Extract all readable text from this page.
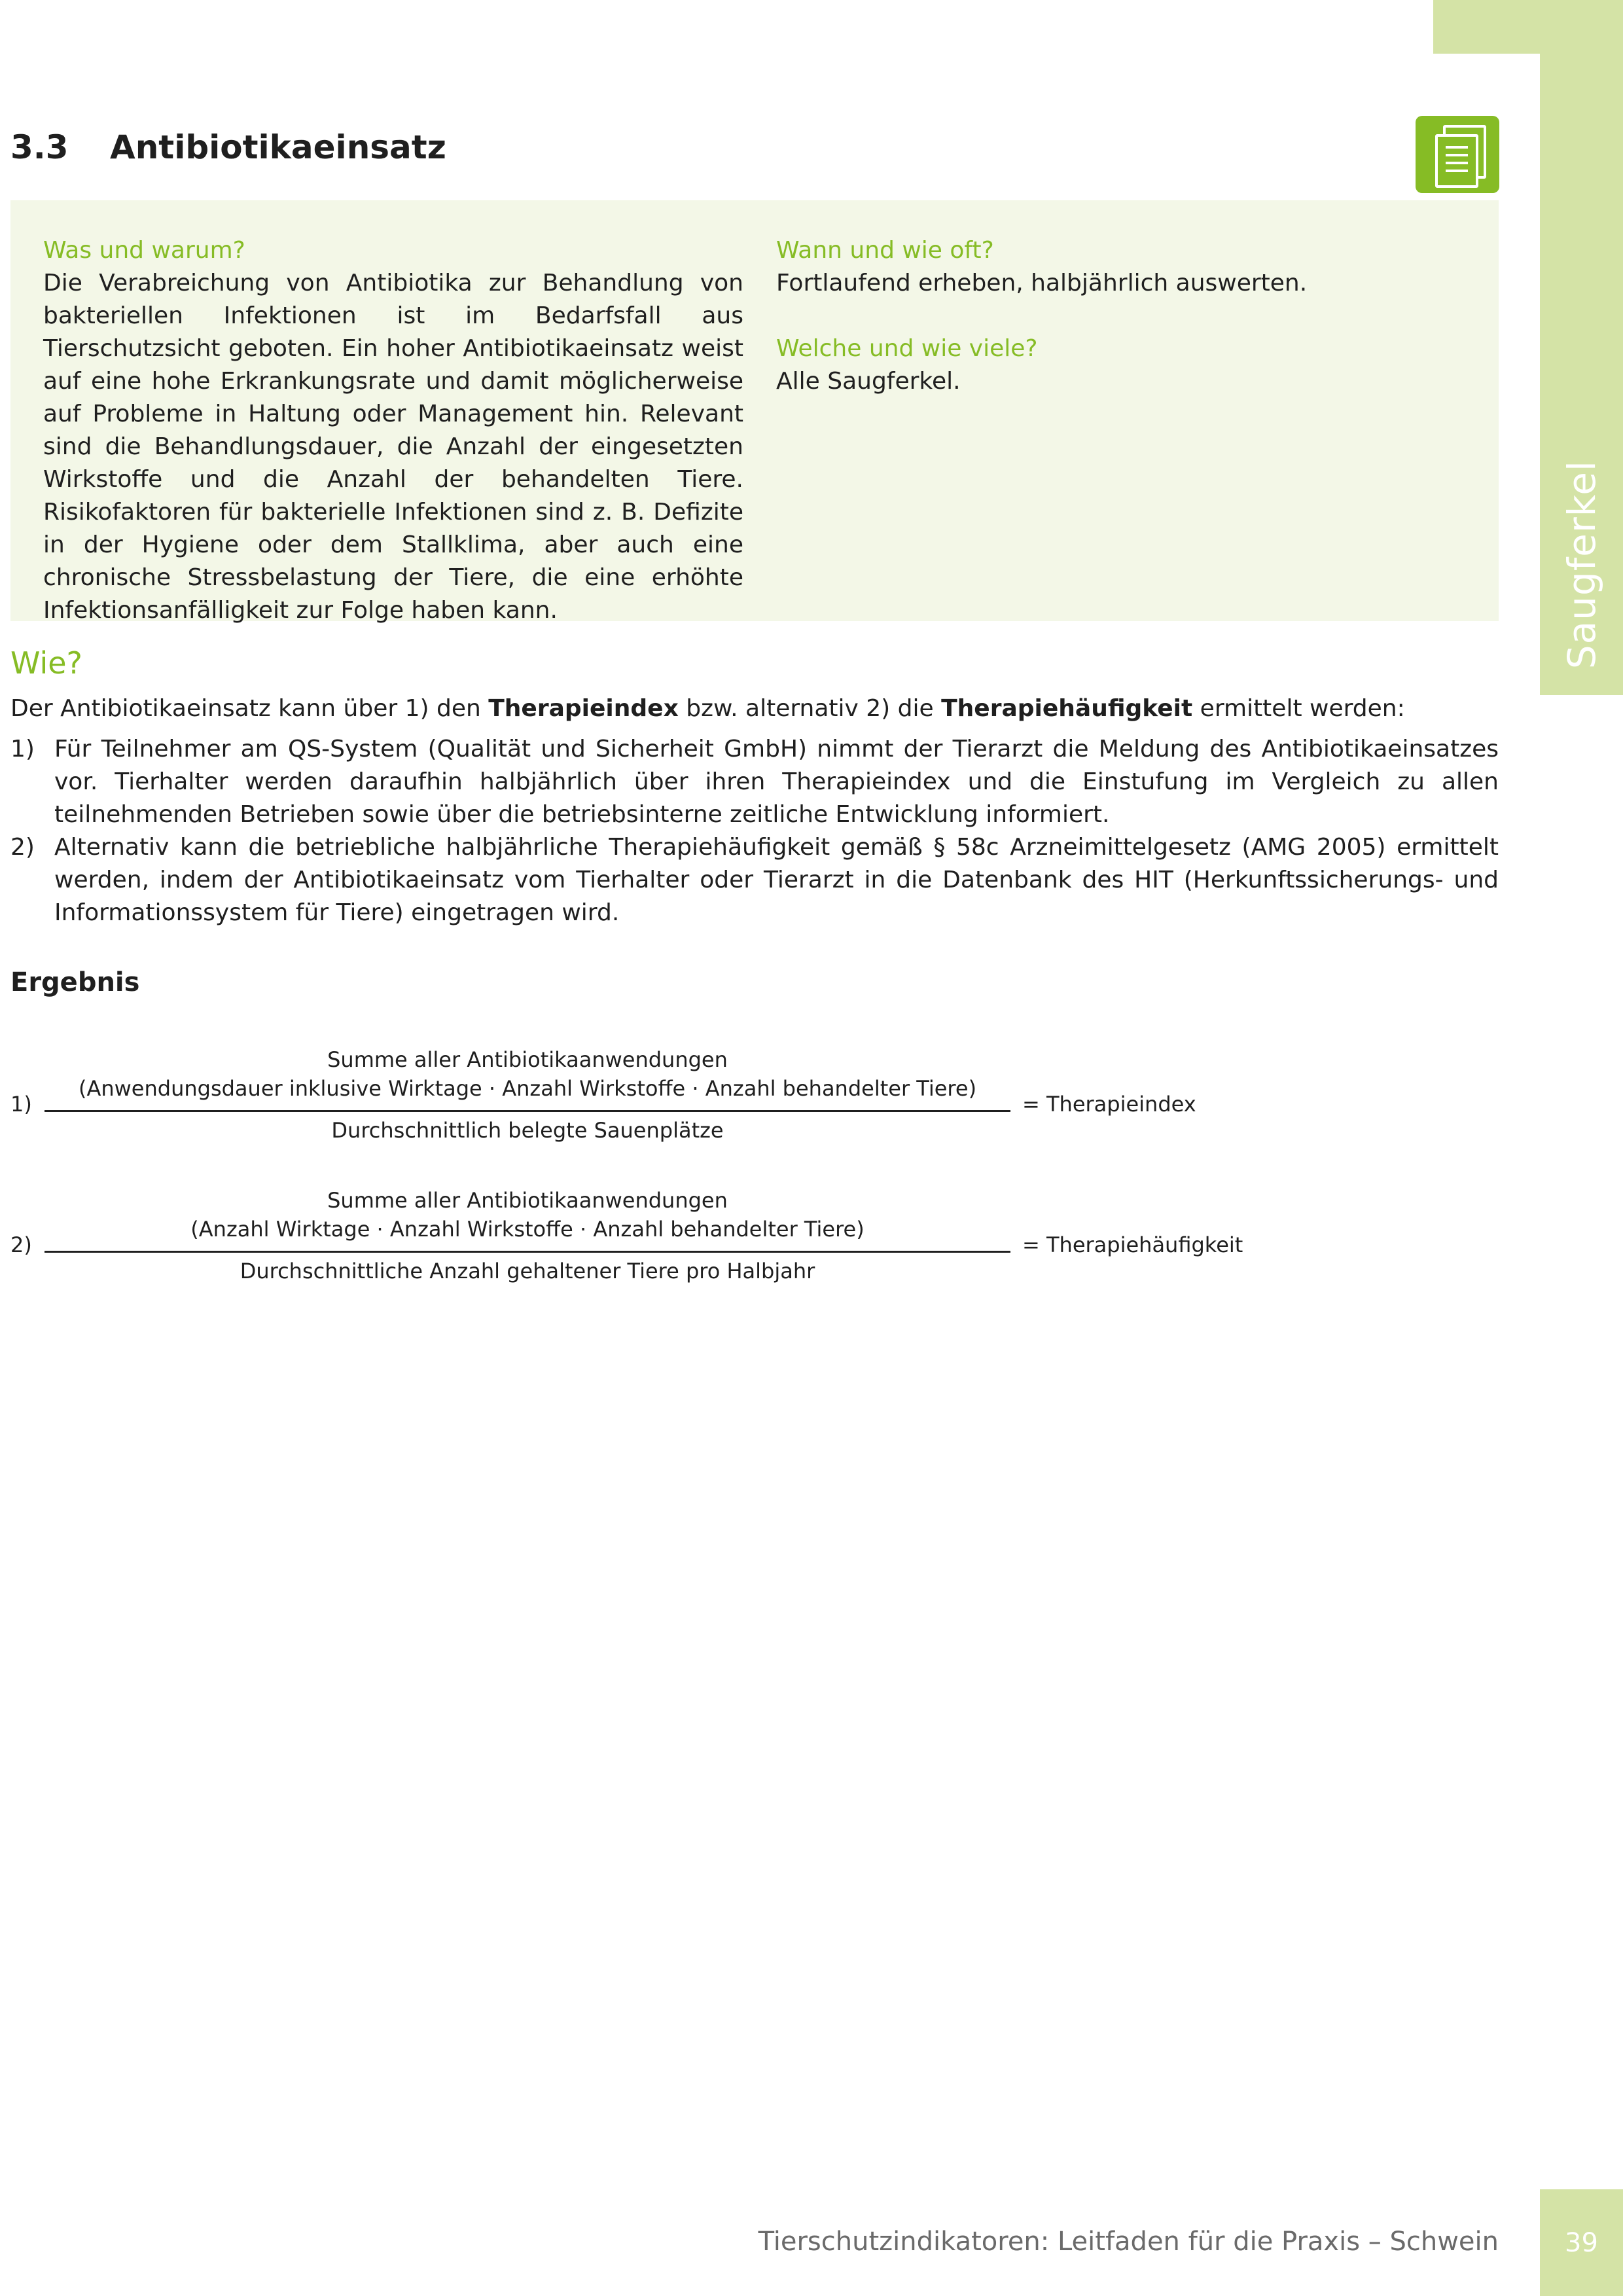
Saugferkel
3.3 Antibiotikaeinsatz
Was und warum?
Die Verabreichung von Antibiotika zur Behandlung von bakteriellen Infektionen ist im Bedarfsfall aus Tierschutzsicht geboten. Ein hoher Antibiotikaeinsatz weist auf eine hohe Erkrankungsrate und damit möglicherweise auf Probleme in Haltung oder Management hin. Relevant sind die Behandlungsdauer, die Anzahl der eingesetzten Wirkstoffe und die Anzahl der behandelten Tiere. Risikofaktoren für bakterielle Infektionen sind z. B. Defizite in der Hygiene oder dem Stallklima, aber auch eine chronische Stressbelastung der Tiere, die eine erhöhte Infektionsanfälligkeit zur Folge haben kann.
Wann und wie oft?
Fortlaufend erheben, halbjährlich auswerten.
Welche und wie viele?
Alle Saugferkel.
Wie?
Der Antibiotikaeinsatz kann über 1) den Therapieindex bzw. alternativ 2) die Therapiehäufigkeit ermittelt werden:
1) Für Teilnehmer am QS-System (Qualität und Sicherheit GmbH) nimmt der Tierarzt die Meldung des Antibiotikaeinsatzes vor. Tierhalter werden daraufhin halbjährlich über ihren Therapieindex und die Einstufung im Vergleich zu allen teilnehmenden Betrieben sowie über die betriebsinterne zeitliche Entwicklung informiert.
2) Alternativ kann die betriebliche halbjährliche Therapiehäufigkeit gemäß § 58c Arzneimittelgesetz (AMG 2005) ermittelt werden, indem der Antibiotikaeinsatz vom Tierhalter oder Tierarzt in die Datenbank des HIT (Herkunftssicherungs- und Informationssystem für Tiere) eingetragen wird.
Ergebnis
Summe aller Antibiotikaanwendungen
(Anwendungsdauer inklusive Wirktage · Anzahl Wirkstoffe · Anzahl behandelter Tiere)
1)	= Therapieindex
Durchschnittlich belegte Sauenplätze
Summe aller Antibiotikaanwendungen
(Anzahl Wirktage · Anzahl Wirkstoffe · Anzahl behandelter Tiere)
2)	= Therapiehäufigkeit
Durchschnittliche Anzahl gehaltener Tiere pro Halbjahr
Tierschutzindikatoren: Leitfaden für die Praxis – Schwein	39
